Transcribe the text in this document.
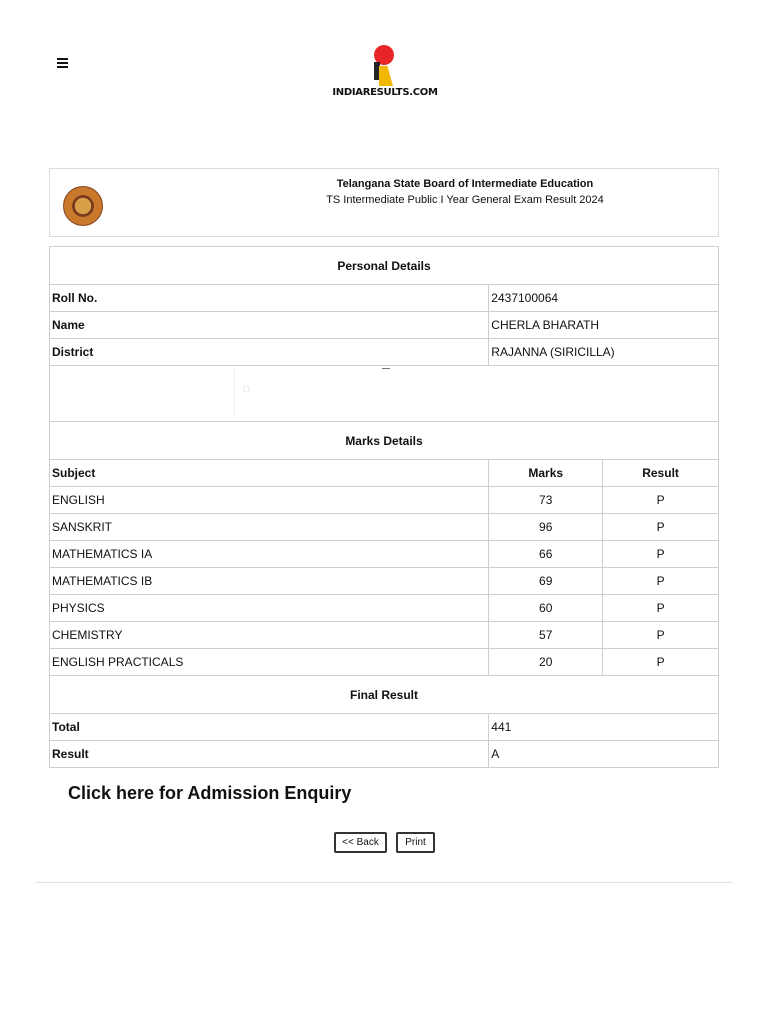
INDIARESULTS.COM
Telangana State Board of Intermediate Education
TS Intermediate Public I Year General Exam Result 2024
Personal Details		
Roll No.	2437100064	
Name	CHERLA BHARATH	
District	RAJANNA (SIRICILLA)	

◌		

Marks Details		
Subject	Marks	Result
ENGLISH	73	P
SANSKRIT	96	P
MATHEMATICS IA	66	P
MATHEMATICS IB	69	P
PHYSICS	60	P
CHEMISTRY	57	P
ENGLISH PRACTICALS	20	P
Final Result		
Total	441	
Result	A	
Click here for Admission Enquiry
<< Back	Print
